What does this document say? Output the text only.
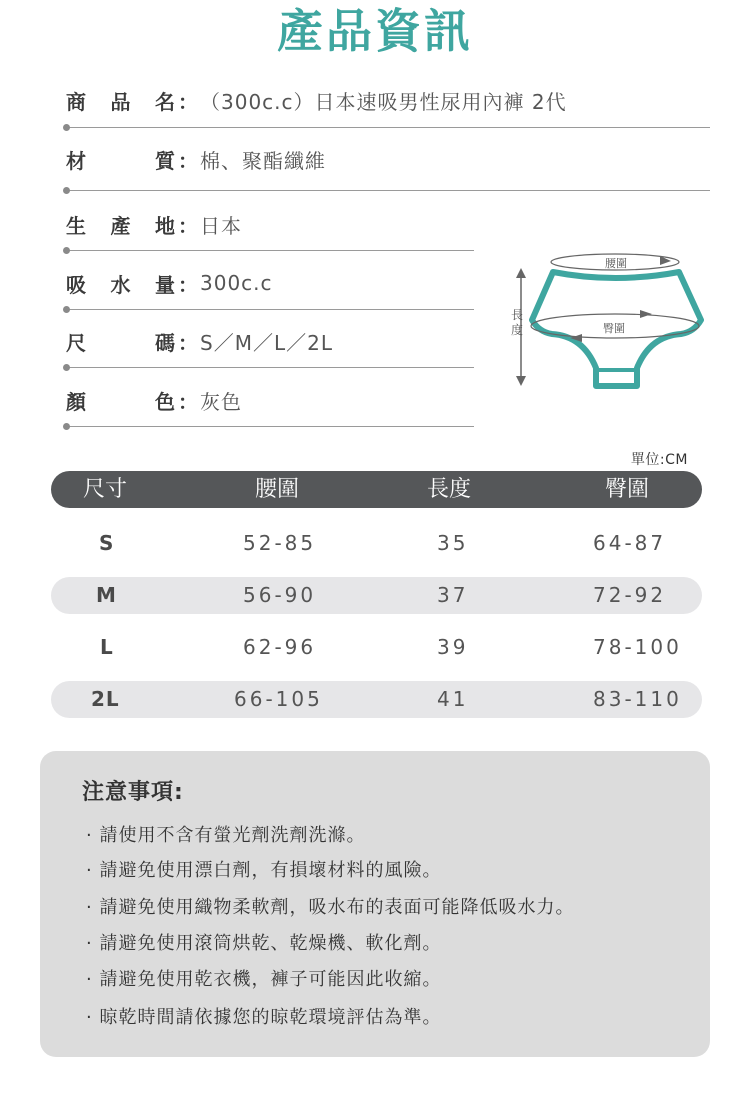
產品資訊
商 品 名 ： （300c.c）日本速吸男性尿用內褲 2代
材	質 ： 棉、聚酯纖維
生 產 地 ： 日本
吸 水 量 ： 300c.c
尺	碼 ： S／M／L／2L
顏	色 ： 灰色
長
度
腰圍
臀圍
單位:CM
尺寸	腰圍	長度	臀圍
S	52-85	35	64-87
M	56-90	37	72-92
L	62-96	39	78-100
2L	66-105	41	83-110
注意事項:
· 請使用不含有螢光劑洗劑洗滌。
· 請避免使用漂白劑，有損壞材料的風險。
· 請避免使用織物柔軟劑，吸水布的表面可能降低吸水力。
· 請避免使用滾筒烘乾、乾燥機、軟化劑。
· 請避免使用乾衣機，褲子可能因此收縮。
· 晾乾時間請依據您的晾乾環境評估為準。
